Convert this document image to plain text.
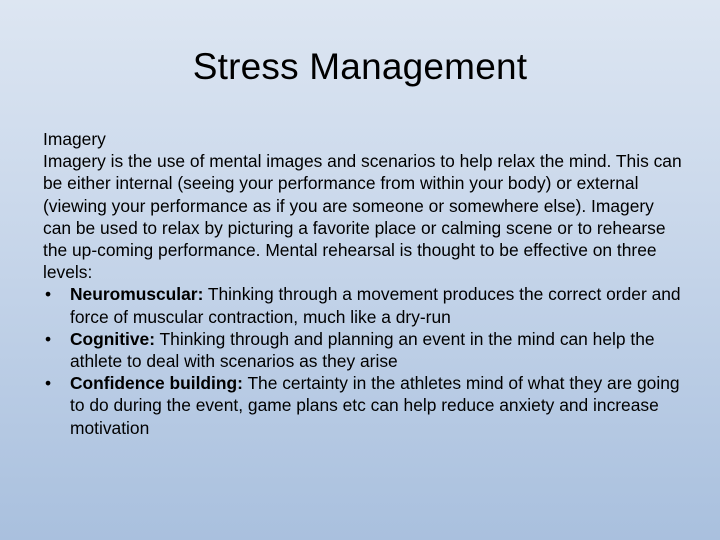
Stress Management

Imagery

Imagery is the use of mental images and scenarios to help relax the mind. This can be either internal (seeing your performance from within your body) or external (viewing your performance as if you are someone or somewhere else). Imagery can be used to relax by picturing a favorite place or calming scene or to rehearse the up-coming performance. Mental rehearsal is thought to be effective on three levels:

• Neuromuscular: Thinking through a movement produces the correct order and force of muscular contraction, much like a dry-run
• Cognitive: Thinking through and planning an event in the mind can help the athlete to deal with scenarios as they arise
• Confidence building: The certainty in the athletes mind of what they are going to do during the event, game plans etc can help reduce anxiety and increase motivation
